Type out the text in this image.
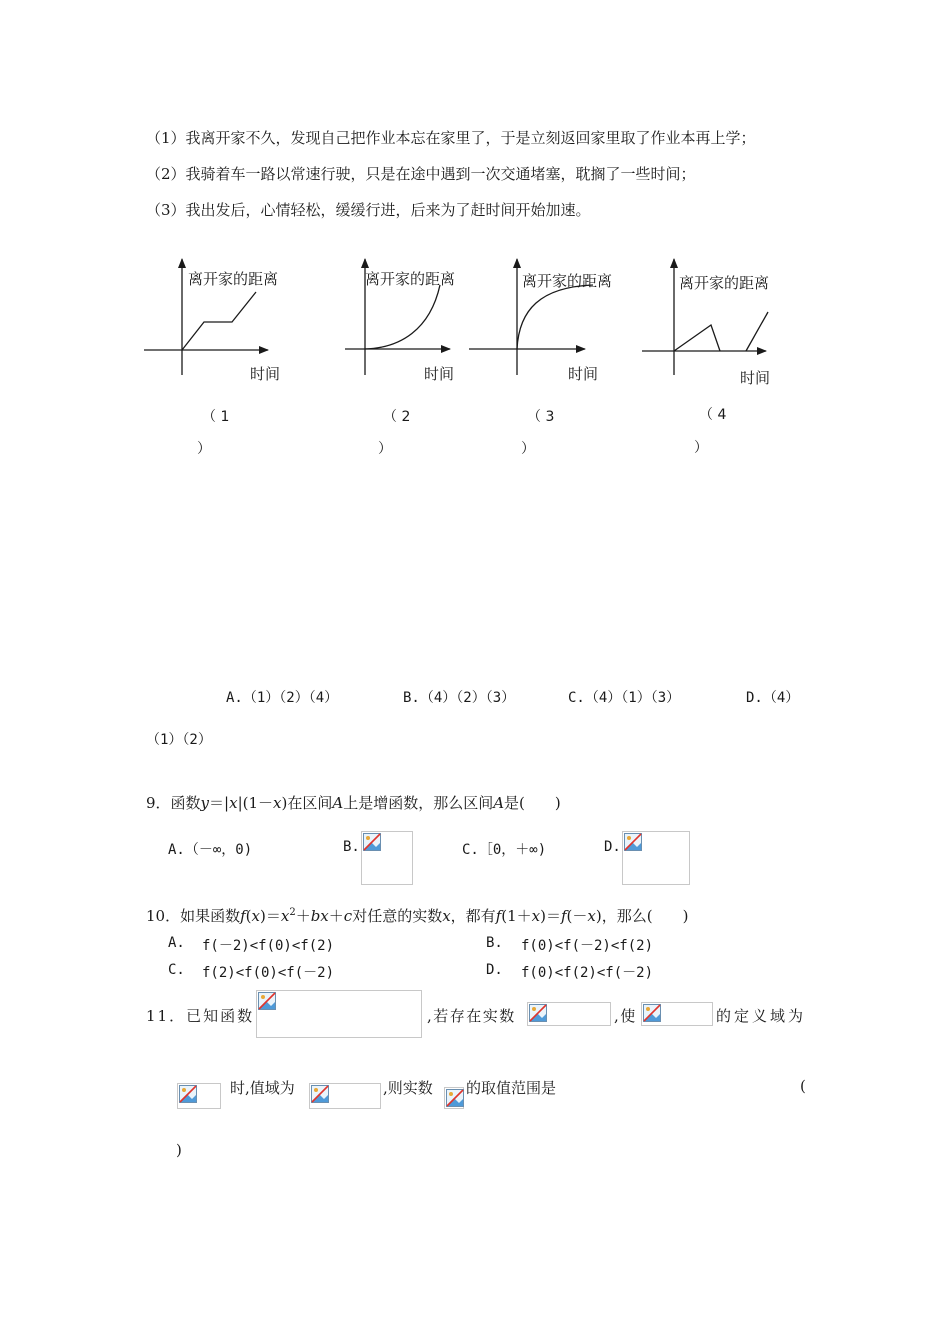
（1）我离开家不久，发现自己把作业本忘在家里了，于是立刻返回家里取了作业本再上学；
（2）我骑着车一路以常速行驶，只是在途中遇到一次交通堵塞，耽搁了一些时间；
（3）我出发后，心情轻松，缓缓行进，后来为了赶时间开始加速。
离开家的距离
时间
离开家的距离
时间
离开家的距离
时间
离开家的距离
时间
（ 1
）
（ 2
）
（ 3
）
（ 4
）
A.（1）（2）（4）	B.（4）（2）（3）	C.（4）（1）（3）	D.（4）
（1）（2）
9．函数y＝|x|(1－x)在区间A上是增函数，那么区间A是(　　)
A.（－∞，0)	B.	C.［0，＋∞)	D.
10．如果函数$f(x)=x^2+bx+c$对任意的实数x，都有f(1＋x)＝f(－x)，那么(　　)
A. f(－2)<f(0)<f(2)	B. f(0)<f(－2)<f(2)
C. f(2)<f(0)<f(－2)	D. f(0)<f(2)<f(－2)
11．已知函数	,若存在实数	,使	的定义域为
时,值域为	,则实数 的取值范围是	(
)
